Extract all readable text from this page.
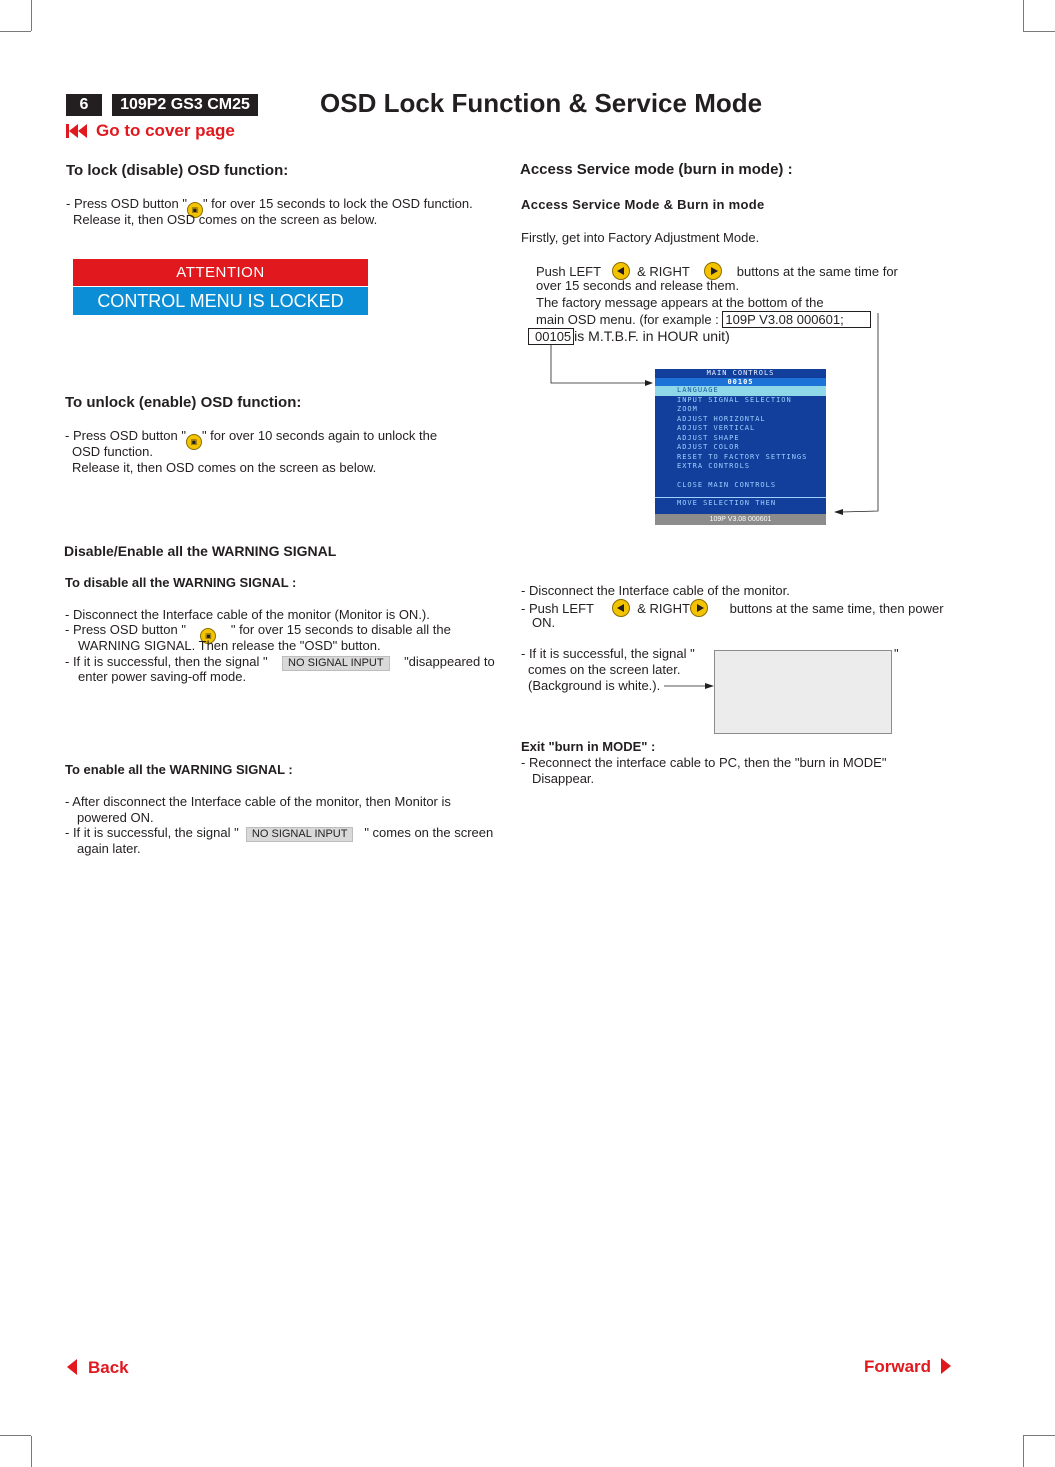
6	109P2 GS3 CM25	OSD Lock Function & Service Mode
Go to cover page
To lock (disable) OSD function:
- Press OSD button " ▣ " for over 15 seconds to lock the OSD function.
Release it, then OSD comes on the screen as below.
ATTENTION
CONTROL MENU IS LOCKED
To unlock (enable) OSD function:
- Press OSD button " ▣ " for over 10 seconds again to unlock the
OSD function.
Release it, then OSD comes on the screen as below.
Disable/Enable all the WARNING SIGNAL
To disable all the WARNING SIGNAL :
- Disconnect the Interface cable of the monitor (Monitor is ON.).
- Press OSD button "	▣ " for over 15 seconds to disable all the
WARNING SIGNAL. Then release the "OSD" button.
- If it is successful, then the signal " NO SIGNAL INPUT "disappeared to
enter power saving-off mode.
To enable all the WARNING SIGNAL :
- After disconnect the Interface cable of the monitor, then Monitor is
powered ON.
- If it is successful, the signal " NO SIGNAL INPUT " comes on the screen
again later.
Access Service mode (burn in mode) :
Access Service Mode & Burn in mode
Firstly, get into Factory Adjustment Mode.
Push LEFT	& RIGHT	buttons at the same time for
over 15 seconds and release them.
The factory message appears at the bottom of the
main OSD menu. (for example : 109P V3.08 000601;
00105 is M.T.B.F. in HOUR unit)
MAIN CONTROLS
00105
LANGUAGE
INPUT SIGNAL SELECTION
ZOOM
ADJUST HORIZONTAL
ADJUST VERTICAL
ADJUST SHAPE
ADJUST COLOR
RESET TO FACTORY SETTINGS
EXTRA CONTROLS
CLOSE MAIN CONTROLS
MOVE SELECTION THEN
109P V3.08 000601
- Disconnect the Interface cable of the monitor.
- Push LEFT	& RIGHT	buttons at the same time, then power
ON.
- If it is successful, the signal "	"
comes on the screen later.
(Background is white.).
Exit "burn in MODE" :
- Reconnect the interface cable to PC, then the "burn in MODE"
Disappear.
Back	Forward
